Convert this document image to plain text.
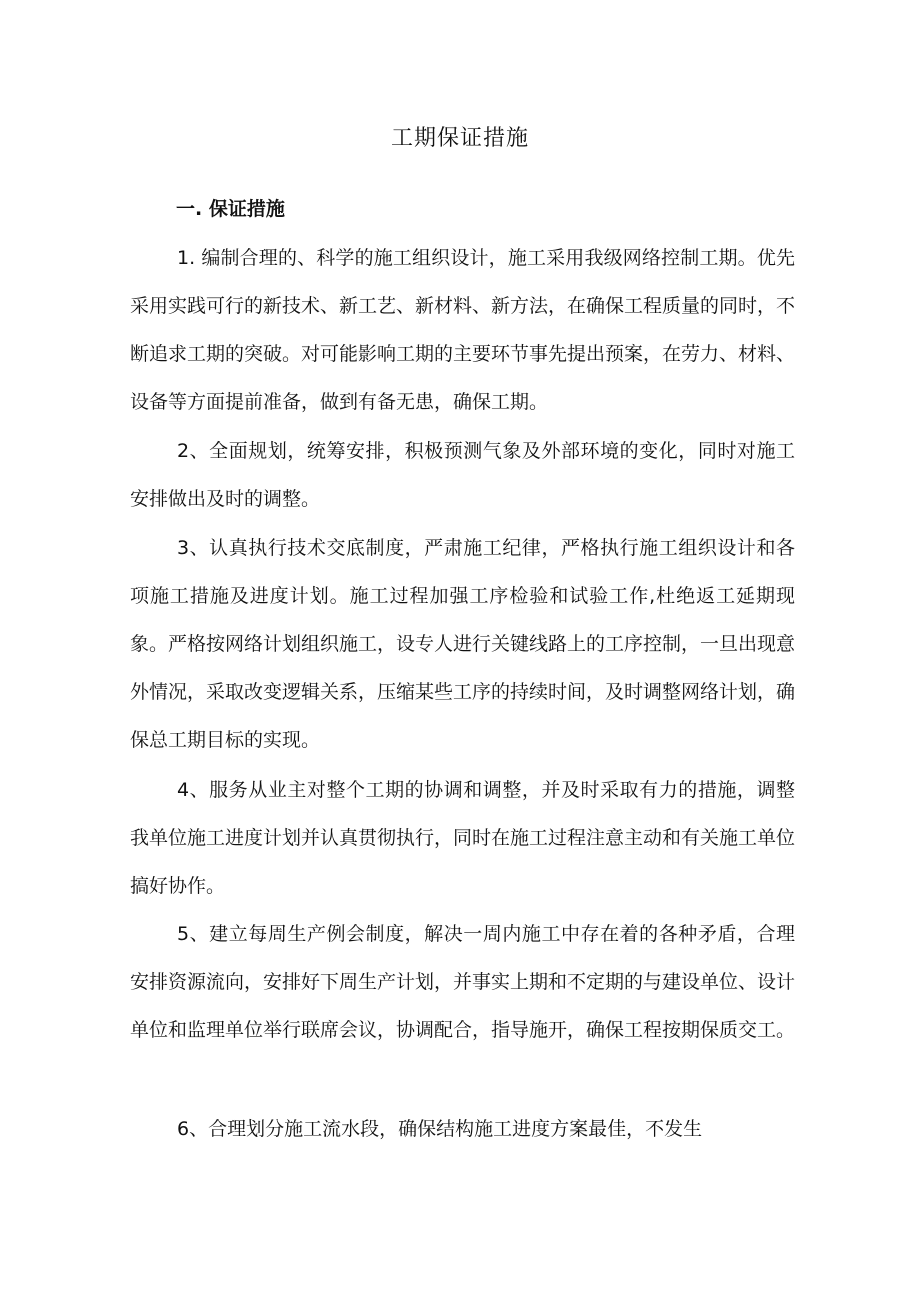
工期保证措施
一. 保证措施

1. 编制合理的、科学的施工组织设计，施工采用我级网络控制工期。优先采用实践可行的新技术、新工艺、新材料、新方法，在确保工程质量的同时，不断追求工期的突破。对可能影响工期的主要环节事先提出预案，在劳力、材料、设备等方面提前准备，做到有备无患，确保工期。

2、全面规划，统筹安排，积极预测气象及外部环境的变化，同时对施工安排做出及时的调整。

3、认真执行技术交底制度，严肃施工纪律，严格执行施工组织设计和各项施工措施及进度计划。施工过程加强工序检验和试验工作,杜绝返工延期现象。严格按网络计划组织施工，设专人进行关键线路上的工序控制，一旦出现意外情况，采取改变逻辑关系，压缩某些工序的持续时间，及时调整网络计划，确保总工期目标的实现。

4、服务从业主对整个工期的协调和调整，并及时采取有力的措施，调整我单位施工进度计划并认真贯彻执行，同时在施工过程注意主动和有关施工单位搞好协作。

5、建立每周生产例会制度，解决一周内施工中存在着的各种矛盾，合理安排资源流向，安排好下周生产计划，并事实上期和不定期的与建设单位、设计单位和监理单位举行联席会议，协调配合，指导施开，确保工程按期保质交工。

6、合理划分施工流水段，确保结构施工进度方案最佳，不发生
